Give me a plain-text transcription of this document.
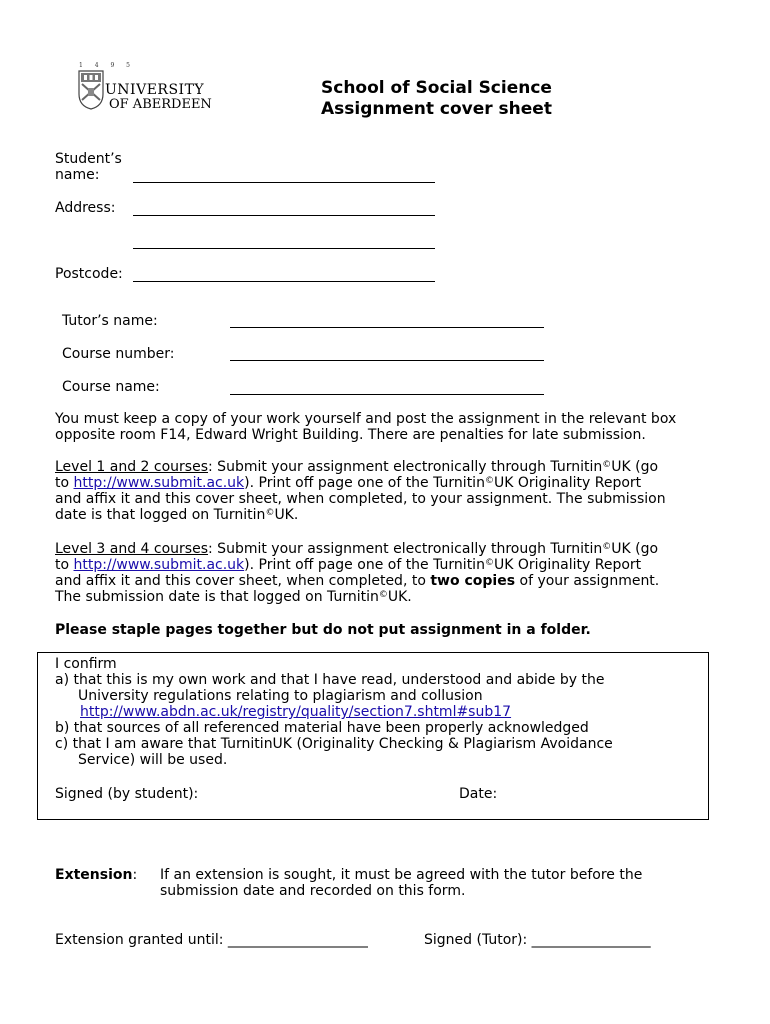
1 4 9 5
UNIVERSITY
OF ABERDEEN
School of Social Science
Assignment cover sheet
Student’s
name:
Address:
Postcode:
Tutor’s name:
Course number:
Course name:
You must keep a copy of your work yourself and post the assignment in the relevant box
opposite room F14, Edward Wright Building. There are penalties for late submission.
Level 1 and 2 courses: Submit your assignment electronically through Turnitin©UK (go
to http://www.submit.ac.uk). Print off page one of the Turnitin©UK Originality Report
and affix it and this cover sheet, when completed, to your assignment. The submission
date is that logged on Turnitin©UK.
Level 3 and 4 courses: Submit your assignment electronically through Turnitin©UK (go
to http://www.submit.ac.uk). Print off page one of the Turnitin©UK Originality Report
and affix it and this cover sheet, when completed, to two copies of your assignment.
The submission date is that logged on Turnitin©UK.
Please staple pages together but do not put assignment in a folder.
I confirm
a) that this is my own work and that I have read, understood and abide by the
University regulations relating to plagiarism and collusion
http://www.abdn.ac.uk/registry/quality/section7.shtml#sub17
b) that sources of all referenced material have been properly acknowledged
c) that I am aware that TurnitinUK (Originality Checking & Plagiarism Avoidance
Service) will be used.
Signed (by student):	Date:
Extension: If an extension is sought, it must be agreed with the tutor before the
submission date and recorded on this form.
Extension granted until: ____________________	Signed (Tutor): _________________
